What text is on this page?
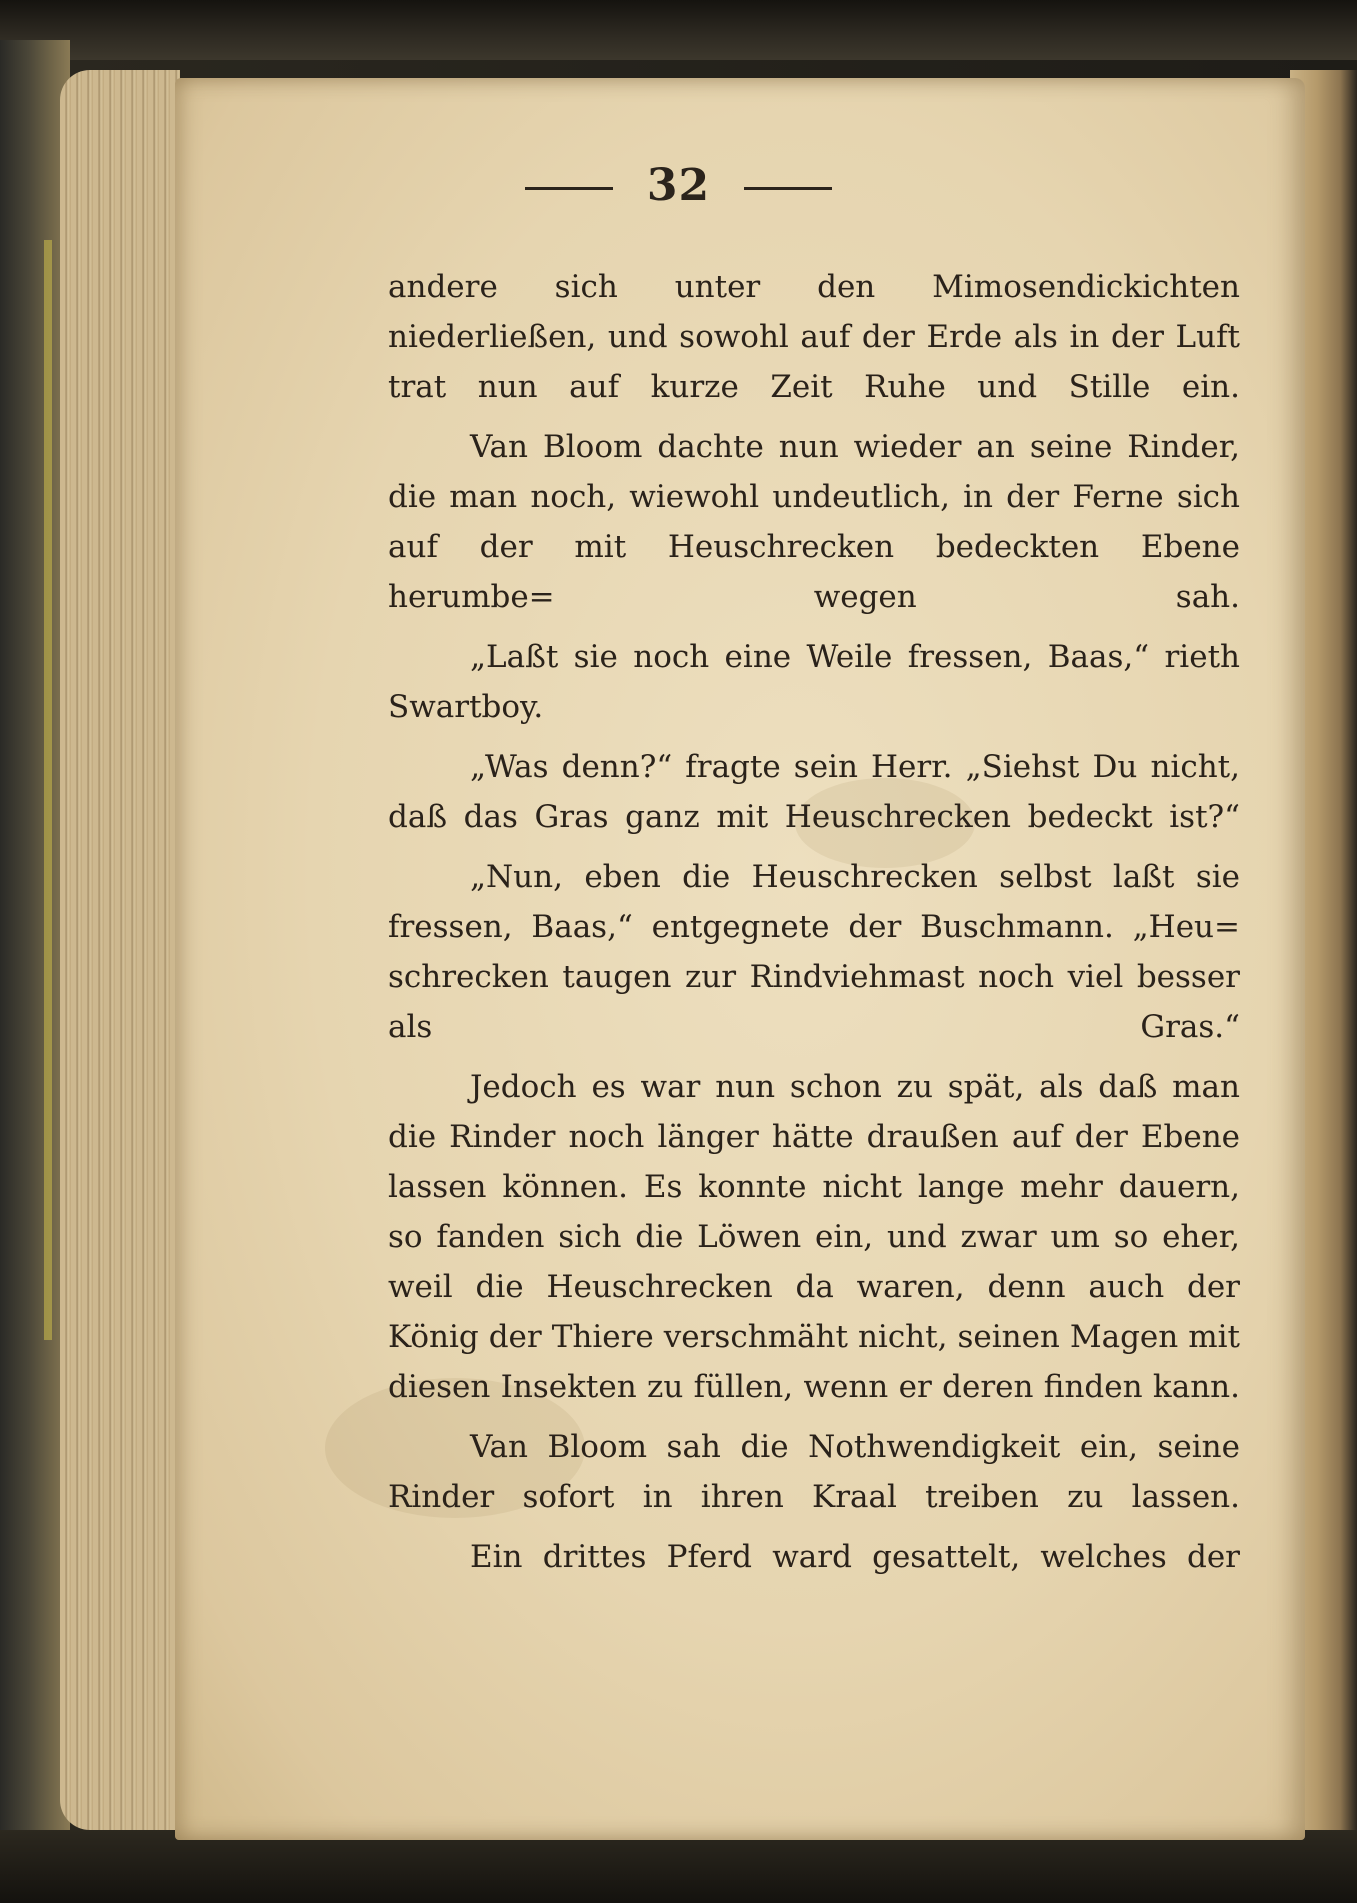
32

andere sich unter den Mimosendickichten niederließen, und sowohl auf der Erde als in der Luft trat nun auf kurze Zeit Ruhe und Stille ein.

Van Bloom dachte nun wieder an seine Rinder, die man noch, wiewohl undeutlich, in der Ferne sich auf der mit Heuschrecken bedeckten Ebene herumbe= wegen sah.

„Laßt sie noch eine Weile fressen, Baas,“ rieth Swartboy.

„Was denn?“ fragte sein Herr. „Siehst Du nicht, daß das Gras ganz mit Heuschrecken bedeckt ist?“

„Nun, eben die Heuschrecken selbst laßt sie fressen, Baas,“ entgegnete der Buschmann. „Heu= schrecken taugen zur Rindviehmast noch viel besser als Gras.“

Jedoch es war nun schon zu spät, als daß man die Rinder noch länger hätte draußen auf der Ebene lassen können. Es konnte nicht lange mehr dauern, so fanden sich die Löwen ein, und zwar um so eher, weil die Heuschrecken da waren, denn auch der König der Thiere verschmäht nicht, seinen Magen mit diesen Insekten zu füllen, wenn er deren finden kann.

Van Bloom sah die Nothwendigkeit ein, seine Rinder sofort in ihren Kraal treiben zu lassen.

Ein drittes Pferd ward gesattelt, welches der
